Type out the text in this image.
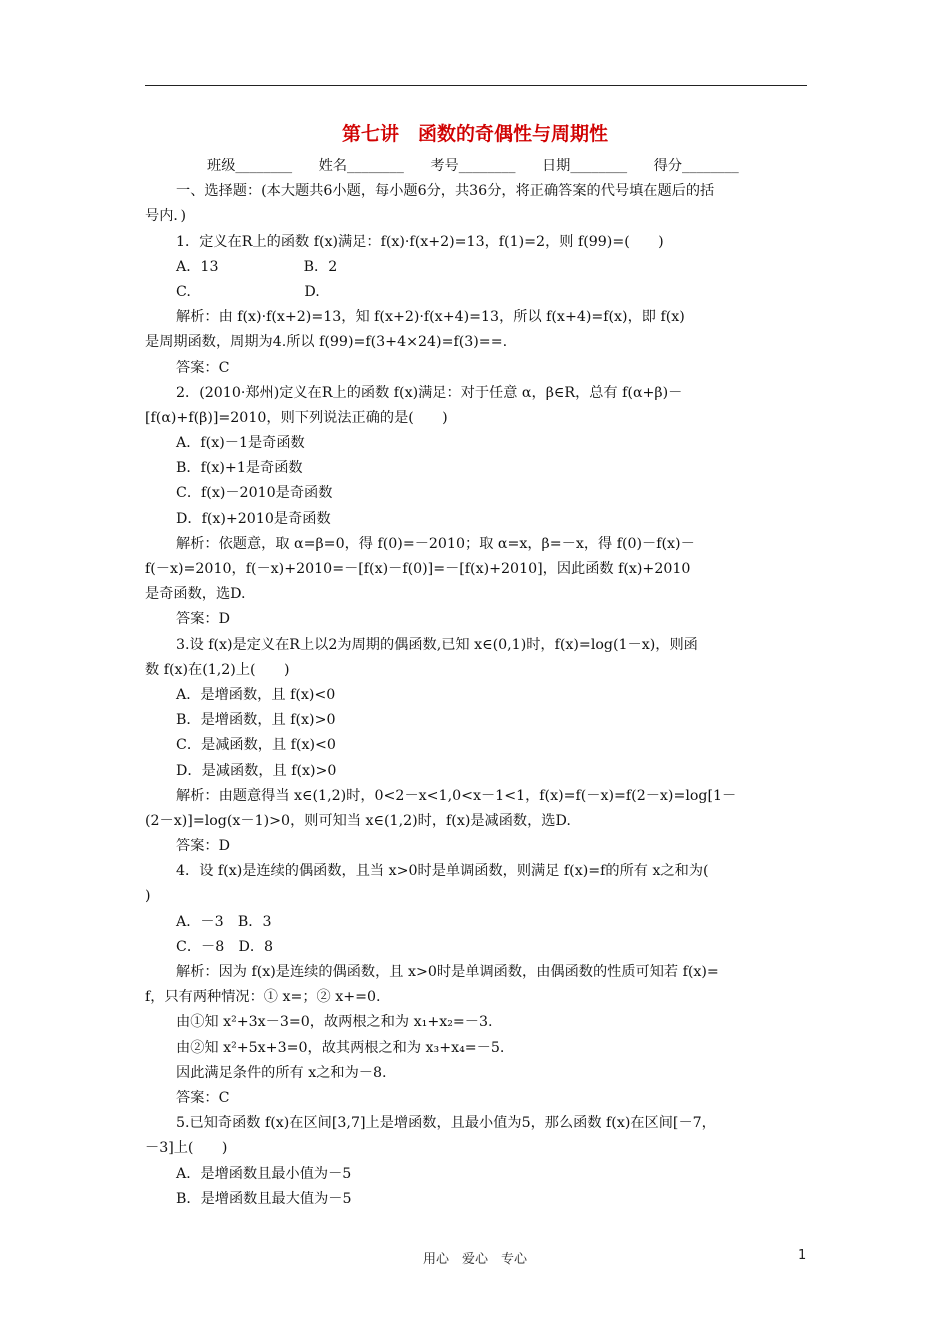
第七讲　函数的奇偶性与周期性
班级________ 姓名________ 考号________ 日期________ 得分________
一、选择题：(本大题共6小题，每小题6分，共36分，将正确答案的代号填在题后的括
号内．)
1．定义在R上的函数 f(x)满足：f(x)·f(x+2)=13，f(1)=2，则 f(99)=(　　)
A．13　　　　　　B．2
C.　　　　　　　　D.
解析：由 f(x)·f(x+2)=13，知 f(x+2)·f(x+4)=13，所以 f(x+4)=f(x)，即 f(x)
是周期函数，周期为4.所以 f(99)=f(3+4×24)=f(3)==.
答案：C
2．(2010·郑州)定义在R上的函数 f(x)满足：对于任意 α，β∈R，总有 f(α+β)－
[f(α)+f(β)]=2010，则下列说法正确的是(　　)
A．f(x)－1是奇函数
B．f(x)+1是奇函数
C．f(x)－2010是奇函数
D．f(x)+2010是奇函数
解析：依题意，取 α=β=0，得 f(0)=－2010；取 α=x，β=－x，得 f(0)－f(x)－
f(－x)=2010，f(－x)+2010=－[f(x)－f(0)]=－[f(x)+2010]，因此函数 f(x)+2010
是奇函数，选D.
答案：D
3.设 f(x)是定义在R上以2为周期的偶函数,已知 x∈(0,1)时，f(x)=log(1－x)，则函
数 f(x)在(1,2)上(　　)
A．是增函数，且 f(x)<0
B．是增函数，且 f(x)>0
C．是减函数，且 f(x)<0
D．是减函数，且 f(x)>0
解析：由题意得当 x∈(1,2)时，0<2－x<1,0<x－1<1，f(x)=f(－x)=f(2－x)=log[1－
(2－x)]=log(x－1)>0，则可知当 x∈(1,2)时，f(x)是减函数，选D.
答案：D
4．设 f(x)是连续的偶函数，且当 x>0时是单调函数，则满足 f(x)=f的所有 x之和为(
)
A．－3　B．3
C．－8　D．8
解析：因为 f(x)是连续的偶函数，且 x>0时是单调函数，由偶函数的性质可知若 f(x)=
f，只有两种情况：① x=；② x+=0.
由①知 x²+3x－3=0，故两根之和为 x₁+x₂=－3.
由②知 x²+5x+3=0，故其两根之和为 x₃+x₄=－5.
因此满足条件的所有 x之和为－8.
答案：C
5.已知奇函数 f(x)在区间[3,7]上是增函数，且最小值为5，那么函数 f(x)在区间[－7，
－3]上(　　)
A．是增函数且最小值为－5
B．是增函数且最大值为－5
用心　爱心　专心	1
